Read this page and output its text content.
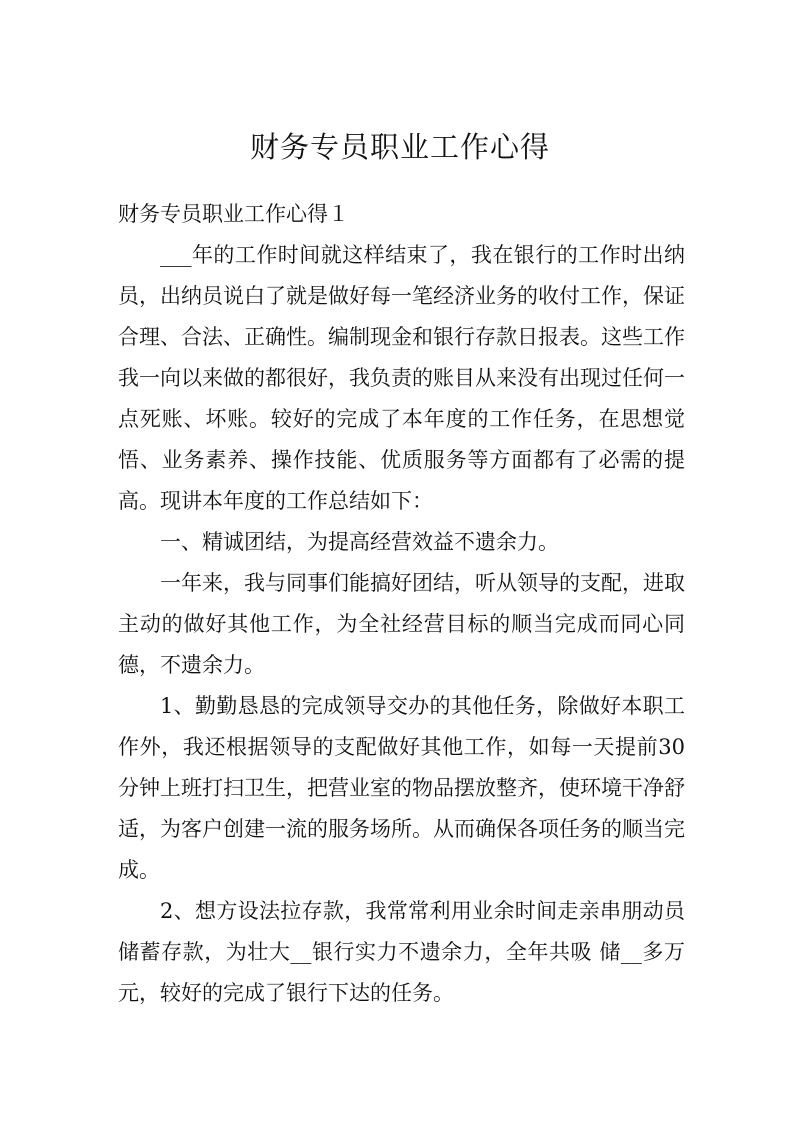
财务专员职业工作心得

财务专员职业工作心得１

___年的工作时间就这样结束了，我在银行的工作时出纳员，出纳员说白了就是做好每一笔经济业务的收付工作，保证合理、合法、正确性。编制现金和银行存款日报表。这些工作我一向以来做的都很好，我负责的账目从来没有出现过任何一点死账、坏账。较好的完成了本年度的工作任务，在思想觉悟、业务素养、操作技能、优质服务等方面都有了必需的提高。现讲本年度的工作总结如下：

一、精诚团结，为提高经营效益不遗余力。

一年来，我与同事们能搞好团结，听从领导的支配，进取主动的做好其他工作，为全社经营目标的顺当完成而同心同德，不遗余力。

1、勤勤恳恳的完成领导交办的其他任务，除做好本职工作外，我还根据领导的支配做好其他工作，如每一天提前30分钟上班打扫卫生，把营业室的物品摆放整齐，使环境干净舒适，为客户创建一流的服务场所。从而确保各项任务的顺当完成。

2、想方设法拉存款，我常常利用业余时间走亲串朋动员储蓄存款，为壮大__银行实力不遗余力，全年共吸 储__多万元，较好的完成了银行下达的任务。
